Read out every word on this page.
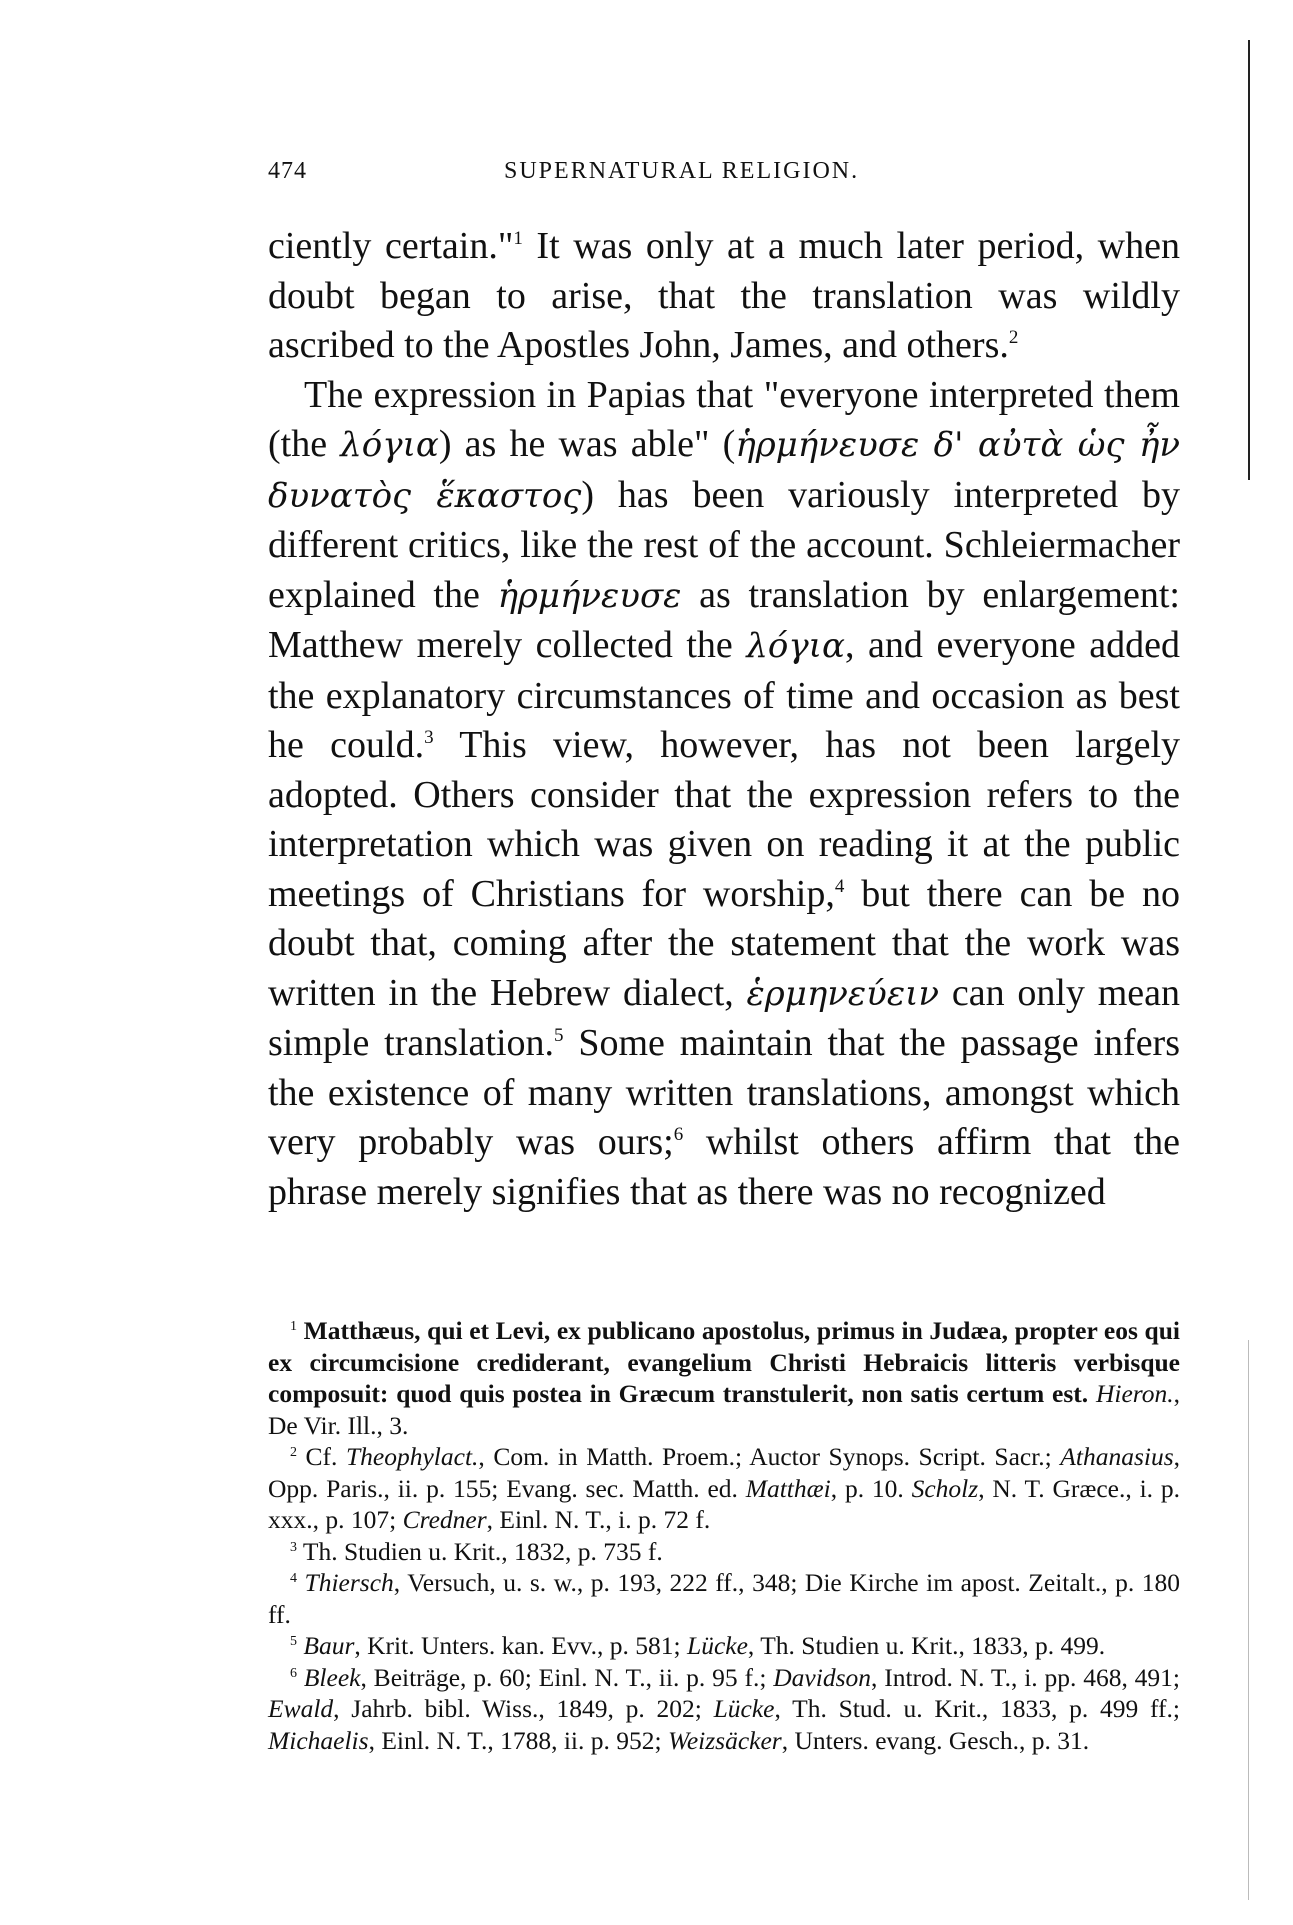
474	SUPERNATURAL RELIGION.

ciently certain."$^1$ It was only at a much later period, when doubt began to arise, that the translation was wildly ascribed to the Apostles John, James, and others.$^2$

The expression in Papias that "everyone interpreted them (the λόγια) as he was able" (ἡρμήνευσε δ' αὐτὰ ὡς ἦν δυνατὸς ἕκαστος) has been variously interpreted by different critics, like the rest of the account. Schleiermacher explained the ἡρμήνευσε as translation by enlargement: Matthew merely collected the λόγια, and everyone added the explanatory circumstances of time and occasion as best he could.$^3$ This view, however, has not been largely adopted. Others consider that the expression refers to the interpretation which was given on reading it at the public meetings of Christians for worship,$^4$ but there can be no doubt that, coming after the statement that the work was written in the Hebrew dialect, ἑρμηνεύειν can only mean simple translation.$^5$ Some maintain that the passage infers the existence of many written translations, amongst which very probably was ours;$^6$ whilst others affirm that the phrase merely signifies that as there was no recognized

$^1$ Matthæus, qui et Levi, ex publicano apostolus, primus in Judæa, propter eos qui ex circumcisione crediderant, evangelium Christi Hebraicis litteris verbisque composuit: quod quis postea in Græcum transtulerit, non satis certum est. Hieron., De Vir. Ill., 3.

$^2$ Cf. Theophylact., Com. in Matth. Proem.; Auctor Synops. Script. Sacr.; Athanasius, Opp. Paris., ii. p. 155; Evang. sec. Matth. ed. Matthæi, p. 10. Scholz, N. T. Græce., i. p. xxx., p. 107; Credner, Einl. N. T., i. p. 72 f.

$^3$ Th. Studien u. Krit., 1832, p. 735 f.

$^4$ Thiersch, Versuch, u. s. w., p. 193, 222 ff., 348; Die Kirche im apost. Zeitalt., p. 180 ff.

$^5$ Baur, Krit. Unters. kan. Evv., p. 581; Lücke, Th. Studien u. Krit., 1833, p. 499.

$^6$ Bleek, Beiträge, p. 60; Einl. N. T., ii. p. 95 f.; Davidson, Introd. N. T., i. pp. 468, 491; Ewald, Jahrb. bibl. Wiss., 1849, p. 202; Lücke, Th. Stud. u. Krit., 1833, p. 499 ff.; Michaelis, Einl. N. T., 1788, ii. p. 952; Weizsäcker, Unters. evang. Gesch., p. 31.
